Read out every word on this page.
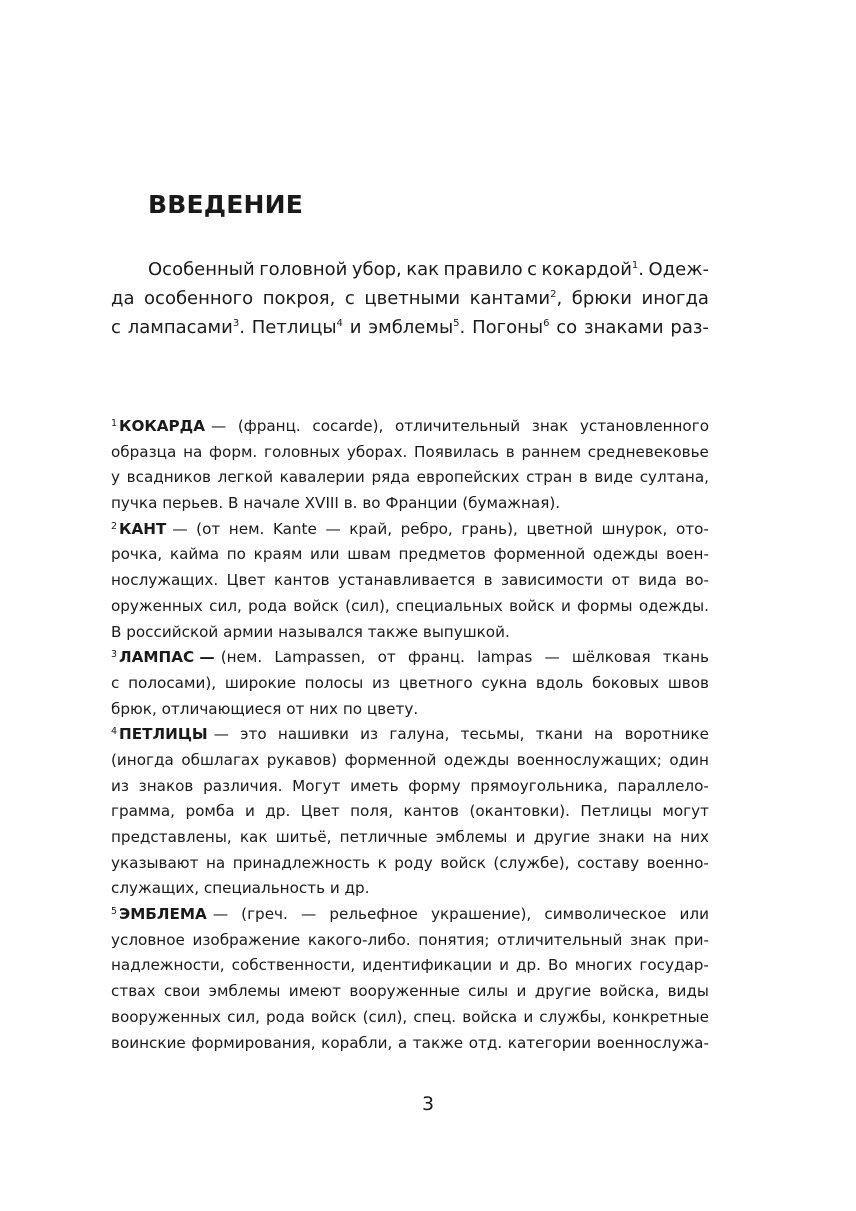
ВВЕДЕНИЕ
Особенный головной убор, как правило с кокардой$^1$. Одеж-
да особенного покроя, с цветными кантами$^2$, брюки иногда
с лампасами$^3$. Петлицы$^4$ и эмблемы$^5$. Погоны$^6$ со знаками раз-
$^1$ КОКАРДА — (франц. cocarde), отличительный знак установленного
образца на форм. головных уборах. Появилась в раннем средневековье
у всадников легкой кавалерии ряда европейских стран в виде султана,
пучка перьев. В начале XVIII в. во Франции (бумажная).
$^2$ КАНТ — (от нем. Kante — край, ребро, грань), цветной шнурок, ото-
рочка, кайма по краям или швам предметов форменной одежды воен-
нослужащих. Цвет кантов устанавливается в зависимости от вида во-
оруженных сил, рода войск (сил), специальных войск и формы одежды.
В российской армии назывался также выпушкой.
$^3$ ЛАМПАС — (нем. Lampassen, от франц. lampas — шёлковая ткань
с полосами), широкие полосы из цветного сукна вдоль боковых швов
брюк, отличающиеся от них по цвету.
$^4$ ПЕТЛИЦЫ — это нашивки из галуна, тесьмы, ткани на воротнике
(иногда обшлагах рукавов) форменной одежды военнослужащих; один
из знаков различия. Могут иметь форму прямоугольника, параллело-
грамма, ромба и др. Цвет поля, кантов (окантовки). Петлицы могут
представлены, как шитьё, петличные эмблемы и другие знаки на них
указывают на принадлежность к роду войск (службе), составу военно-
служащих, специальность и др.
$^5$ ЭМБЛЕМА — (греч. — рельефное украшение), символическое или
условное изображение какого-либо. понятия; отличительный знак при-
надлежности, собственности, идентификации и др. Во многих государ-
ствах свои эмблемы имеют вооруженные силы и другие войска, виды
вооруженных сил, рода войск (сил), спец. войска и службы, конкретные
воинские формирования, корабли, а также отд. категории военнослужа-
3
